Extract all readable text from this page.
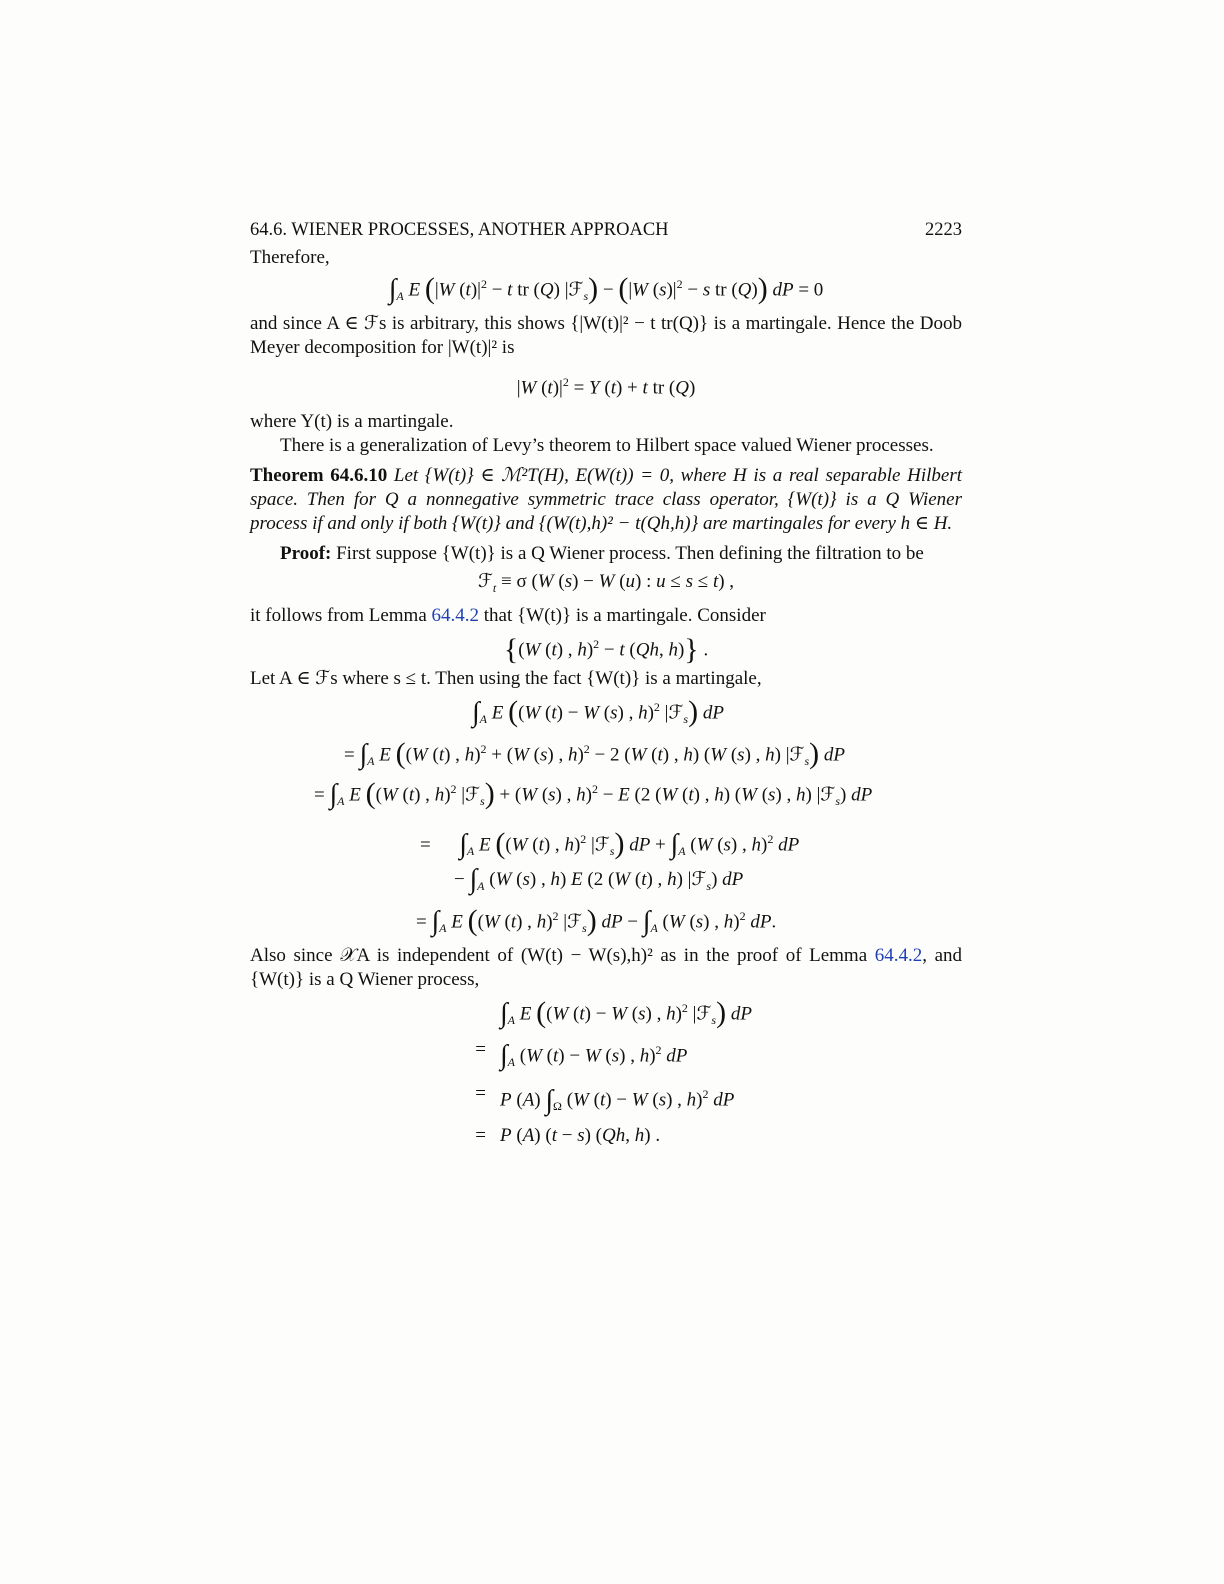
64.6. WIENER PROCESSES, ANOTHER APPROACH	2223

Therefore,

$\int_A$ E (|W $(t)|^2 - t$ tr (Q) |ℱ$_s$) − (|W $(s)|^2 - s$ tr (Q)) dP = 0

and since A ∈ ℱs is arbitrary, this shows {|W(t)|² − t tr(Q)} is a martingale. Hence the Doob Meyer decomposition for |W(t)|² is

|W $(t)|^2 = Y$ (t) + t tr (Q)

where Y(t) is a martingale.

There is a generalization of Levy’s theorem to Hilbert space valued Wiener processes.

Theorem 64.6.10 Let {W(t)} ∈ ℳ²T(H), E(W(t)) = 0, where H is a real separable Hilbert space. Then for Q a nonnegative symmetric trace class operator, {W(t)} is a Q Wiener process if and only if both {W(t)} and {(W(t),h)² − t(Qh,h)} are martingales for every h ∈ H.

Proof: First suppose {W(t)} is a Q Wiener process. Then defining the filtration to be

ℱ$_t$ ≡ σ (W (s) − W (u) : u ≤ s ≤ t) ,

it follows from Lemma 64.4.2 that {W(t)} is a martingale. Consider

{(W (t) , h)$^2$ − t (Qh, h)} .

Let A ∈ ℱs where s ≤ t. Then using the fact {W(t)} is a martingale,

$\int_A$ E ((W (t) − W (s) , h)$^2$ |ℱ$_s$) dP
= $\int_A$ E ((W (t) , h)$^2$ + (W (s) , h)$^2$ − 2 (W (t) , h) (W (s) , h) |ℱ$_s$) dP
= $\int_A$ E ((W (t) , h)$^2$ |ℱ$_s$) + (W (s) , h)$^2$ − E (2 (W (t) , h) (W (s) , h) |ℱ$_s$) dP
=      $\int_A$ E ((W (t) , h)$^2$ |ℱ$_s$) dP + $\int_A$ (W (s) , h)$^2$ dP
− $\int_A$ (W (s) , h) E (2 (W (t) , h) |ℱ$_s$) dP
= $\int_A$ E ((W (t) , h)$^2$ |ℱ$_s$) dP − $\int_A$ (W (s) , h)$^2$ dP.

Also since 𝒳A is independent of (W(t) − W(s),h)² as in the proof of Lemma 64.4.2, and {W(t)} is a Q Wiener process,

$\int_A$ E ((W (t) − W (s) , h)$^2$ |ℱ$_s$) dP
= $\int_A$ (W (t) − W (s) , h)$^2$ dP
= P (A) $\int_\Omega$ (W (t) − W (s) , h)$^2$ dP
= P (A) (t − s) (Qh, h) .
